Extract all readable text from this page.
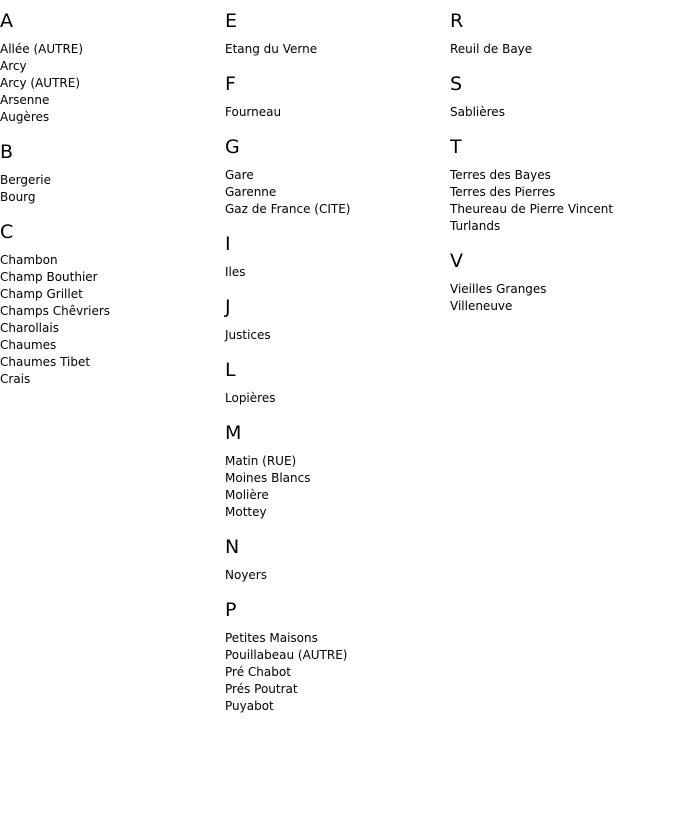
A
Allée (AUTRE)
Arcy
Arcy (AUTRE)
Arsenne
Augères
B
Bergerie
Bourg
C
Chambon
Champ Bouthier
Champ Grillet
Champs Chêvriers
Charollais
Chaumes
Chaumes Tibet
Crais
E
Etang du Verne
F
Fourneau
G
Gare
Garenne
Gaz de France (CITE)
I
Iles
J
Justices
L
Lopières
M
Matin (RUE)
Moines Blancs
Molière
Mottey
N
Noyers
P
Petites Maisons
Pouillabeau (AUTRE)
Pré Chabot
Prés Poutrat
Puyabot
R
Reuil de Baye
S
Sablières
T
Terres des Bayes
Terres des Pierres
Theureau de Pierre Vincent
Turlands
V
Vieilles Granges
Villeneuve
